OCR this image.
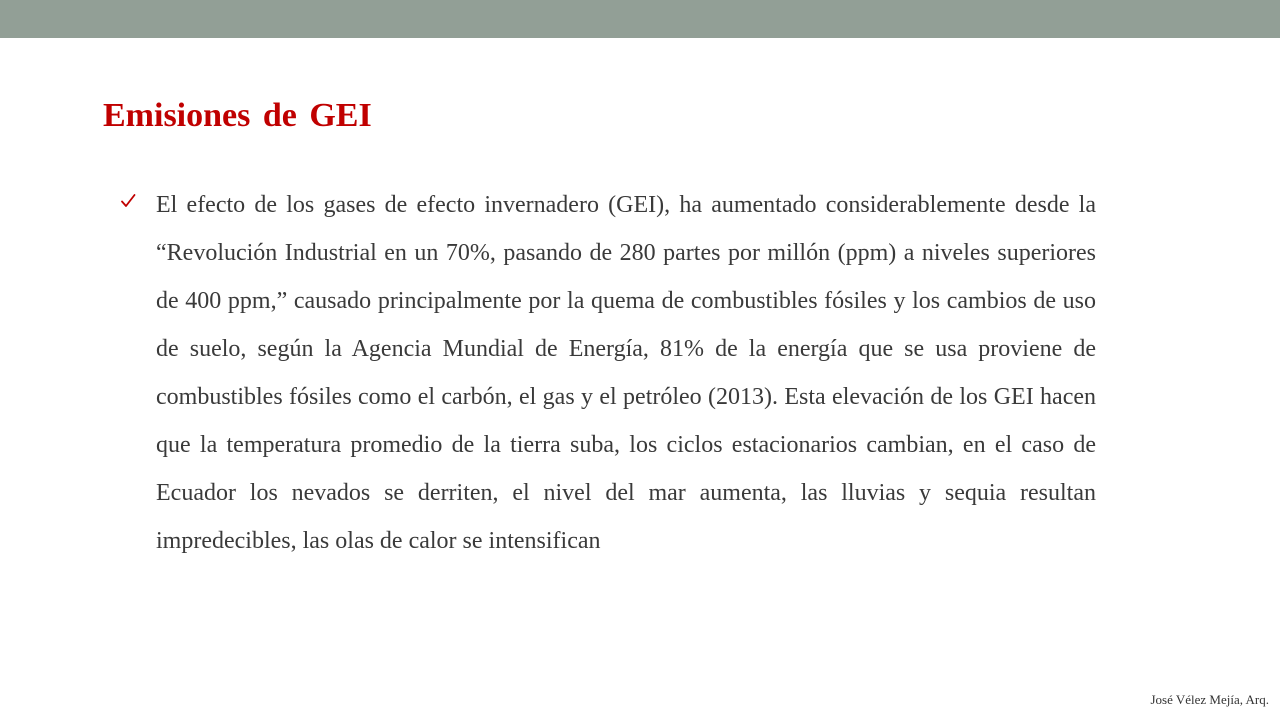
Emisiones de GEI

El efecto de los gases de efecto invernadero (GEI), ha aumentado considerablemente desde la “Revolución Industrial en un 70%, pasando de 280 partes por millón (ppm) a niveles superiores de 400 ppm,” causado principalmente por la quema de combustibles fósiles y los cambios de uso de suelo, según la Agencia Mundial de Energía, 81% de la energía que se usa proviene de combustibles fósiles como el carbón, el gas y el petróleo (2013). Esta elevación de los GEI hacen que la temperatura promedio de la tierra suba, los ciclos estacionarios cambian, en el caso de Ecuador los nevados se derriten, el nivel del mar aumenta, las lluvias y sequia resultan impredecibles, las olas de calor se intensifican

José Vélez Mejía, Arq.
